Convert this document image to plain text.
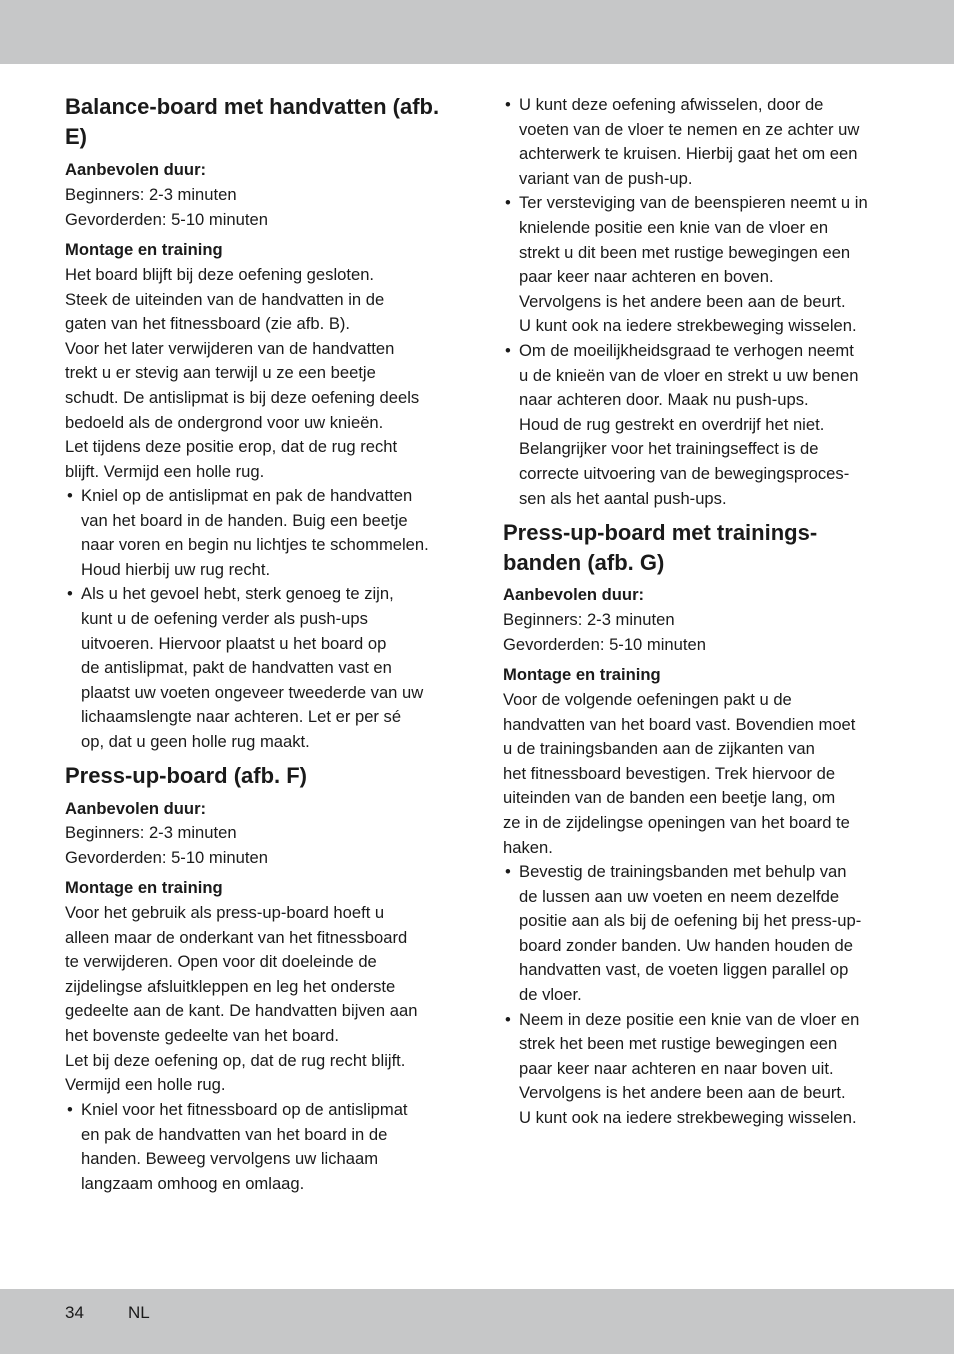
Balance-board met handvatten (afb. E)
Aanbevolen duur:

Beginners: 2-3 minuten
Gevorderden: 5-10 minuten

Montage en training

Het board blijft bij deze oefening gesloten.
Steek de uiteinden van de handvatten in de
gaten van het fitnessboard (zie afb. B).
Voor het later verwijderen van de handvatten
trekt u er stevig aan terwijl u ze een beetje
schudt. De antislipmat is bij deze oefening deels
bedoeld als de ondergrond voor uw knieën.
Let tijdens deze positie erop, dat de rug recht
blijft. Vermijd een holle rug.

• Kniel op de antislipmat en pak de handvatten
van het board in de handen. Buig een beetje
naar voren en begin nu lichtjes te schommelen.
Houd hierbij uw rug recht.
• Als u het gevoel hebt, sterk genoeg te zijn,
kunt u de oefening verder als push-ups
uitvoeren. Hiervoor plaatst u het board op
de antislipmat, pakt de handvatten vast en
plaatst uw voeten ongeveer tweederde van uw
lichaamslengte naar achteren. Let er per sé
op, dat u geen holle rug maakt.
Press-up-board (afb. F)
Aanbevolen duur:

Beginners: 2-3 minuten
Gevorderden: 5-10 minuten

Montage en training

Voor het gebruik als press-up-board hoeft u
alleen maar de onderkant van het fitnessboard
te verwijderen. Open voor dit doeleinde de
zijdelingse afsluitkleppen en leg het onderste
gedeelte aan de kant. De handvatten bijven aan
het bovenste gedeelte van het board.
Let bij deze oefening op, dat de rug recht blijft.
Vermijd een holle rug.

• Kniel voor het fitnessboard op de antislipmat
en pak de handvatten van het board in de
handen. Beweeg vervolgens uw lichaam
langzaam omhoog en omlaag.
• U kunt deze oefening afwisselen, door de
voeten van de vloer te nemen en ze achter uw
achterwerk te kruisen. Hierbij gaat het om een
variant van de push-up.
• Ter versteviging van de beenspieren neemt u in
knielende positie een knie van de vloer en
strekt u dit been met rustige bewegingen een
paar keer naar achteren en boven.
Vervolgens is het andere been aan de beurt.
U kunt ook na iedere strekbeweging wisselen.
• Om de moeilijkheidsgraad te verhogen neemt
u de knieën van de vloer en strekt u uw benen
naar achteren door. Maak nu push-ups.
Houd de rug gestrekt en overdrijf het niet.
Belangrijker voor het trainingseffect is de
correcte uitvoering van de bewegingsproces-
sen als het aantal push-ups.
Press-up-board met trainings- banden (afb. G)
Aanbevolen duur:

Beginners: 2-3 minuten
Gevorderden: 5-10 minuten

Montage en training

Voor de volgende oefeningen pakt u de
handvatten van het board vast. Bovendien moet
u de trainingsbanden aan de zijkanten van
het fitnessboard bevestigen. Trek hiervoor de
uiteinden van de banden een beetje lang, om
ze in de zijdelingse openingen van het board te
haken.

• Bevestig de trainingsbanden met behulp van
de lussen aan uw voeten en neem dezelfde
positie aan als bij de oefening bij het press-up-
board zonder banden. Uw handen houden de
handvatten vast, de voeten liggen parallel op
de vloer.
• Neem in deze positie een knie van de vloer en
strek het been met rustige bewegingen een
paar keer naar achteren en naar boven uit.
Vervolgens is het andere been aan de beurt.
U kunt ook na iedere strekbeweging wisselen.
34	NL
